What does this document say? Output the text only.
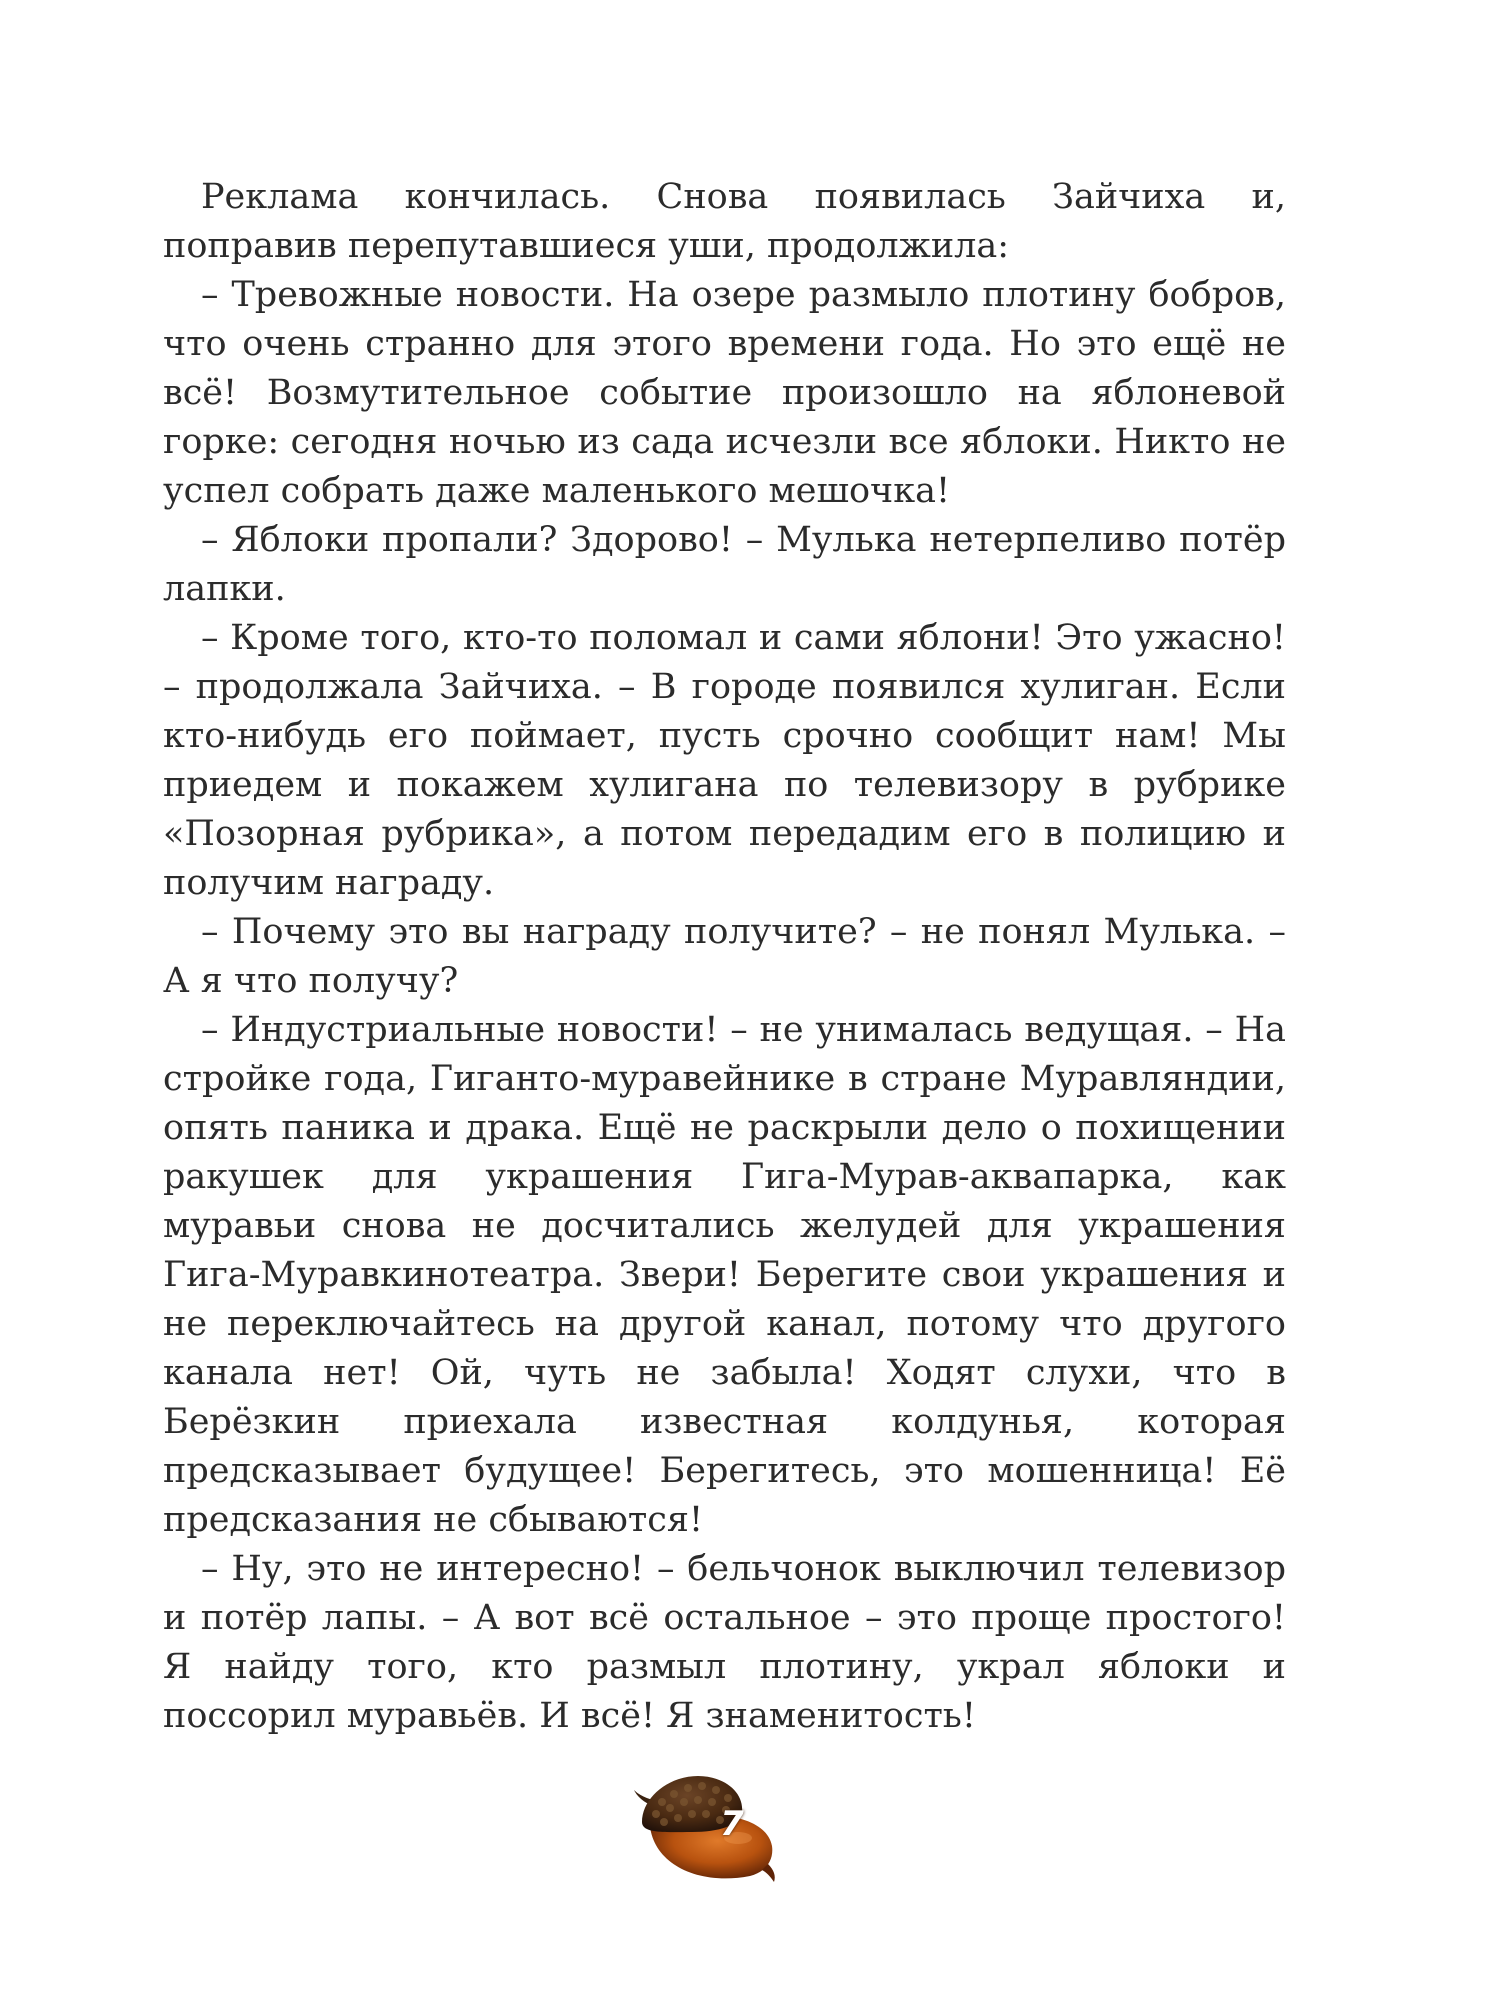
Реклама кончилась. Снова появилась Зайчиха и, поправив перепутавшиеся уши, продолжила:

– Тревожные новости. На озере размыло плотину бобров, что очень странно для этого времени года. Но это ещё не всё! Возмутительное событие произошло на яблоневой горке: сегодня ночью из сада исчезли все яблоки. Никто не успел собрать даже маленького мешочка!

– Яблоки пропали? Здорово! – Мулька нетерпеливо потёр лапки.

– Кроме того, кто-то поломал и сами яблони! Это ужасно! – продолжала Зайчиха. – В городе появился хулиган. Если кто-нибудь его поймает, пусть срочно сообщит нам! Мы приедем и покажем хулигана по телевизору в рубрике «Позорная рубрика», а потом передадим его в полицию и получим награду.

– Почему это вы награду получите? – не понял Мулька. – А я что получу?

– Индустриальные новости! – не унималась ведущая. – На стройке года, Гиганто-муравейнике в стране Муравляндии, опять паника и драка. Ещё не раскрыли дело о похищении ракушек для украшения Гига-Мурав-аквапарка, как муравьи снова не досчитались желудей для украшения Гига-Муравкинотеатра. Звери! Берегите свои украшения и не переключайтесь на другой канал, потому что другого канала нет! Ой, чуть не забыла! Ходят слухи, что в Берёзкин приехала известная колдунья, которая предсказывает будущее! Берегитесь, это мошенница! Её предсказания не сбываются!

– Ну, это не интересно! – бельчонок выключил телевизор и потёр лапы. – А вот всё остальное – это проще простого! Я найду того, кто размыл плотину, украл яблоки и поссорил муравьёв. И всё! Я знаменитость!

7
